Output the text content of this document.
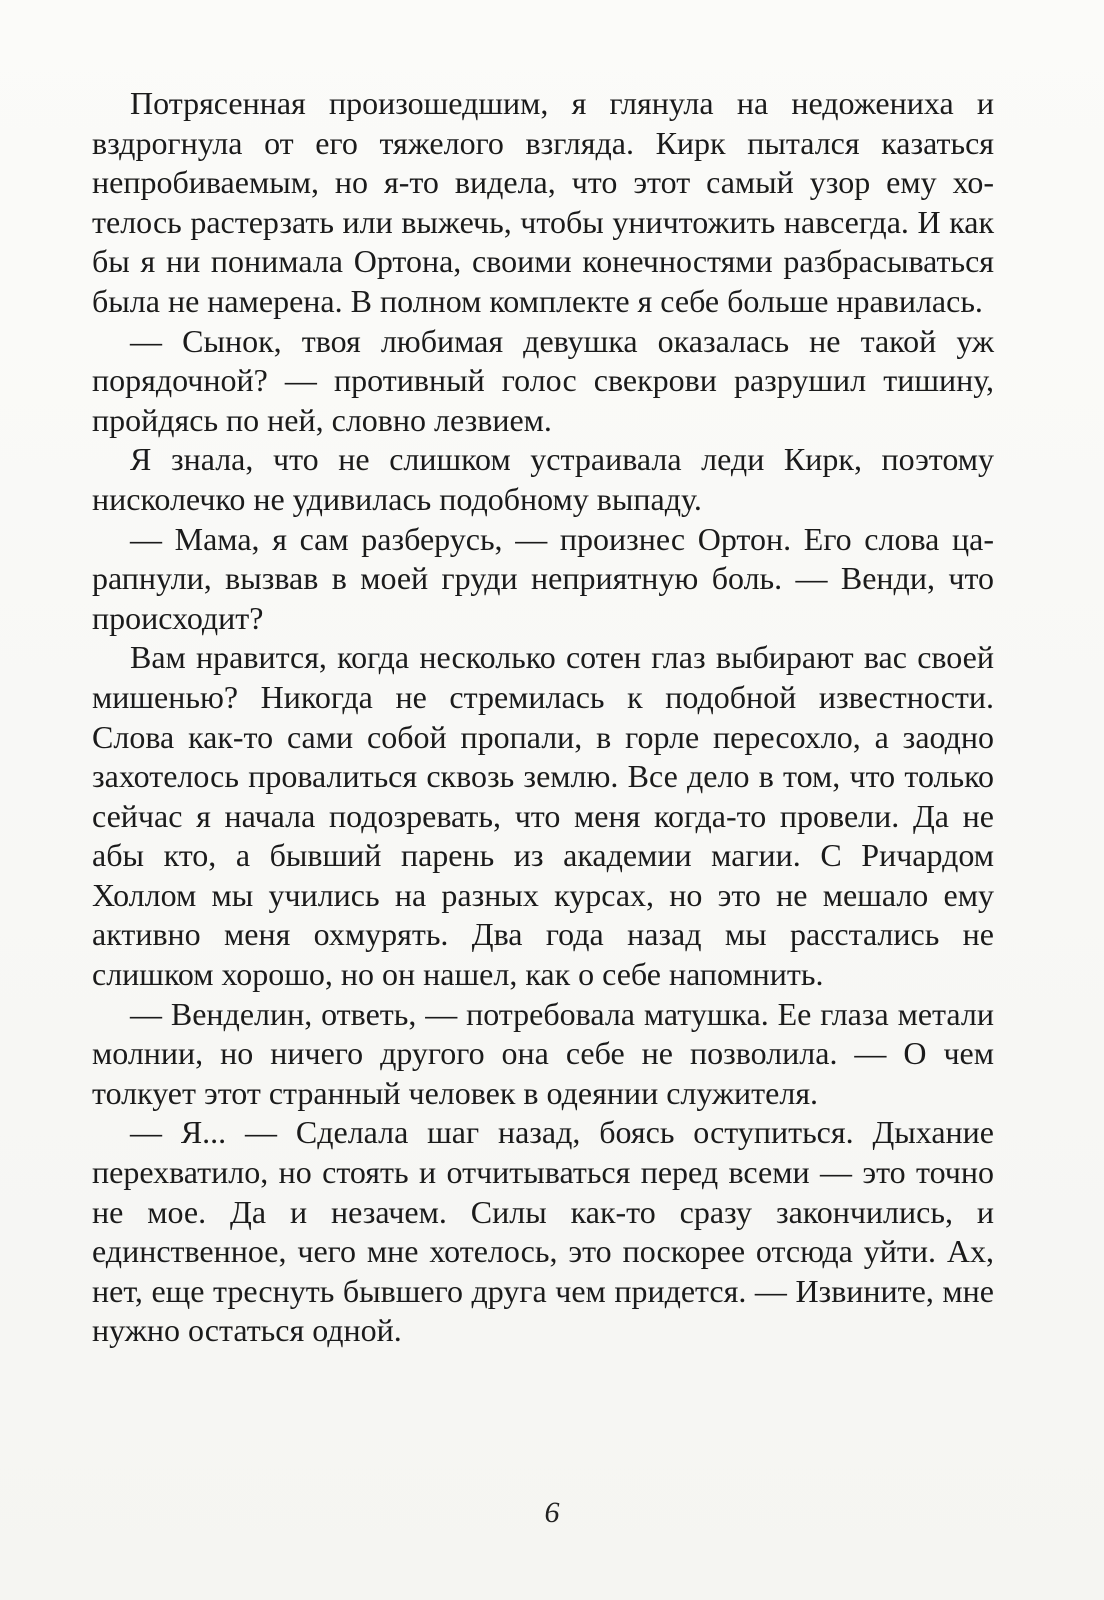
Потрясенная произошедшим, я глянула на недожениха и вздрогнула от его тяжелого взгляда. Кирк пытался казаться непробиваемым, но я-то видела, что этот самый узор ему хотелось растерзать или выжечь, чтобы уничтожить навсегда. И как бы я ни понимала Ортона, своими конечностями разбрасываться была не намерена. В полном комплекте я себе больше нравилась.

— Сынок, твоя любимая девушка оказалась не такой уж порядочной? — противный голос свекрови разрушил тишину, пройдясь по ней, словно лезвием.

Я знала, что не слишком устраивала леди Кирк, поэтому нисколечко не удивилась подобному выпаду.

— Мама, я сам разберусь, — произнес Ортон. Его слова царапнули, вызвав в моей груди неприятную боль. — Венди, что происходит?

Вам нравится, когда несколько сотен глаз выбирают вас своей мишенью? Никогда не стремилась к подобной известности. Слова как-то сами собой пропали, в горле пересохло, а заодно захотелось провалиться сквозь землю. Все дело в том, что только сейчас я начала подозревать, что меня когда-то провели. Да не абы кто, а бывший парень из академии магии. С Ричардом Холлом мы учились на разных курсах, но это не мешало ему активно меня охмурять. Два года назад мы расстались не слишком хорошо, но он нашел, как о себе напомнить.

— Венделин, ответь, — потребовала матушка. Ее глаза метали молнии, но ничего другого она себе не позволила. — О чем толкует этот странный человек в одеянии служителя.

— Я... — Сделала шаг назад, боясь оступиться. Дыхание перехватило, но стоять и отчитываться перед всеми — это точно не мое. Да и незачем. Силы как-то сразу закончились, и единственное, чего мне хотелось, это поскорее отсюда уйти. Ах, нет, еще треснуть бывшего друга чем придется. — Извините, мне нужно остаться одной.

6
